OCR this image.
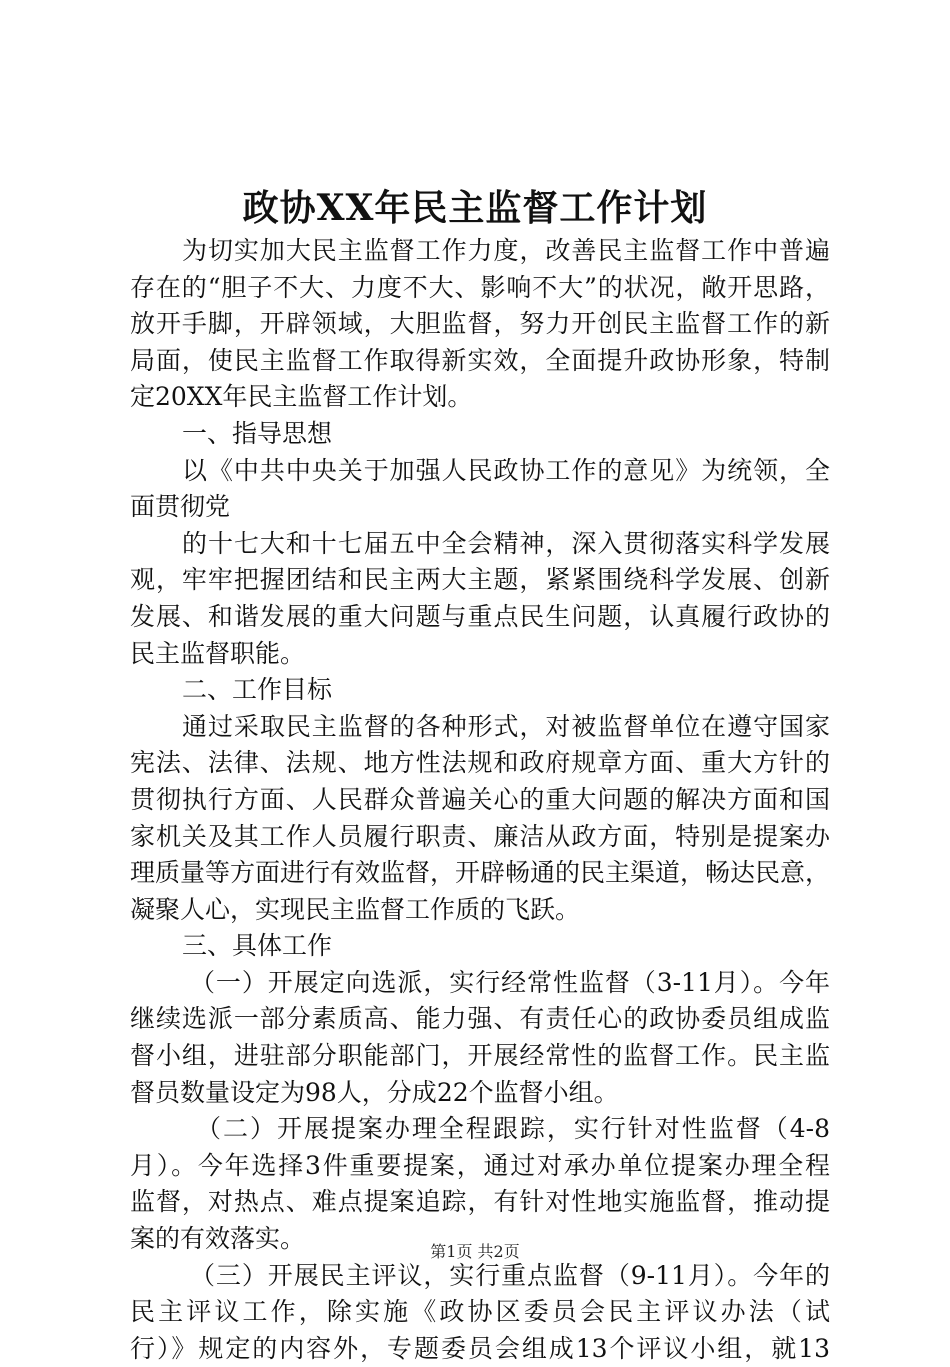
政协XX年民主监督工作计划
为切实加大民主监督工作力度，改善民主监督工作中普遍
存在的“胆子不大、力度不大、影响不大”的状况，敞开思路，
放开手脚，开辟领域，大胆监督，努力开创民主监督工作的新
局面，使民主监督工作取得新实效，全面提升政协形象，特制
定20XX年民主监督工作计划。
一、指导思想
以《中共中央关于加强人民政协工作的意见》为统领，全
面贯彻党
的十七大和十七届五中全会精神，深入贯彻落实科学发展
观，牢牢把握团结和民主两大主题，紧紧围绕科学发展、创新
发展、和谐发展的重大问题与重点民生问题，认真履行政协的
民主监督职能。
二、工作目标
通过采取民主监督的各种形式，对被监督单位在遵守国家
宪法、法律、法规、地方性法规和政府规章方面、重大方针的
贯彻执行方面、人民群众普遍关心的重大问题的解决方面和国
家机关及其工作人员履行职责、廉洁从政方面，特别是提案办
理质量等方面进行有效监督，开辟畅通的民主渠道，畅达民意，
凝聚人心，实现民主监督工作质的飞跃。
三、具体工作
（一）开展定向选派，实行经常性监督（3-11月）。今年
继续选派一部分素质高、能力强、有责任心的政协委员组成监
督小组，进驻部分职能部门，开展经常性的监督工作。民主监
督员数量设定为98人，分成22个监督小组。
（二）开展提案办理全程跟踪，实行针对性监督（4-8
月）。今年选择3件重要提案，通过对承办单位提案办理全程
监督，对热点、难点提案追踪，有针对性地实施监督，推动提
案的有效落实。
（三）开展民主评议，实行重点监督（9-11月）。今年的
民主评议工作，除实施《政协区委员会民主评议办法（试
行）》规定的内容外，专题委员会组成13个评议小组，就13
第1页 共2页
